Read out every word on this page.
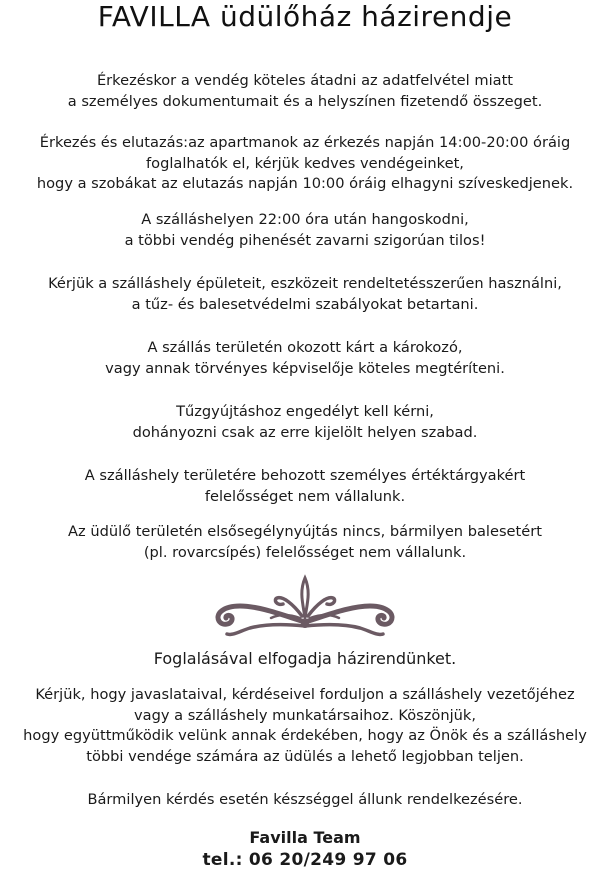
FAVILLA üdülőház házirendje
Érkezéskor a vendég köteles átadni az adatfelvétel miatt
a személyes dokumentumait és a helyszínen fizetendő összeget.
Érkezés és elutazás:az apartmanok az érkezés napján 14:00-20:00 óráig
foglalhatók el, kérjük kedves vendégeinket,
hogy a szobákat az elutazás napján 10:00 óráig elhagyni szíveskedjenek.
A szálláshelyen 22:00 óra után hangoskodni,
a többi vendég pihenését zavarni szigorúan tilos!
Kérjük a szálláshely épületeit, eszközeit rendeltetésszerűen használni,
a tűz- és balesetvédelmi szabályokat betartani.
A szállás területén okozott kárt a károkozó,
vagy annak törvényes képviselője köteles megtéríteni.
Tűzgyújtáshoz engedélyt kell kérni,
dohányozni csak az erre kijelölt helyen szabad.
A szálláshely területére behozott személyes értéktárgyakért
felelősséget nem vállalunk.
Az üdülő területén elsősegélynyújtás nincs, bármilyen balesetért
(pl. rovarcsípés) felelősséget nem vállalunk.
Foglalásával elfogadja házirendünket.
Kérjük, hogy javaslataival, kérdéseivel forduljon a szálláshely vezetőjéhez
vagy a szálláshely munkatársaihoz. Köszönjük,
hogy együttműködik velünk annak érdekében, hogy az Önök és a szálláshely
többi vendége számára az üdülés a lehető legjobban teljen.
Bármilyen kérdés esetén készséggel állunk rendelkezésére.
Favilla Team
tel.: 06 20/249 97 06
